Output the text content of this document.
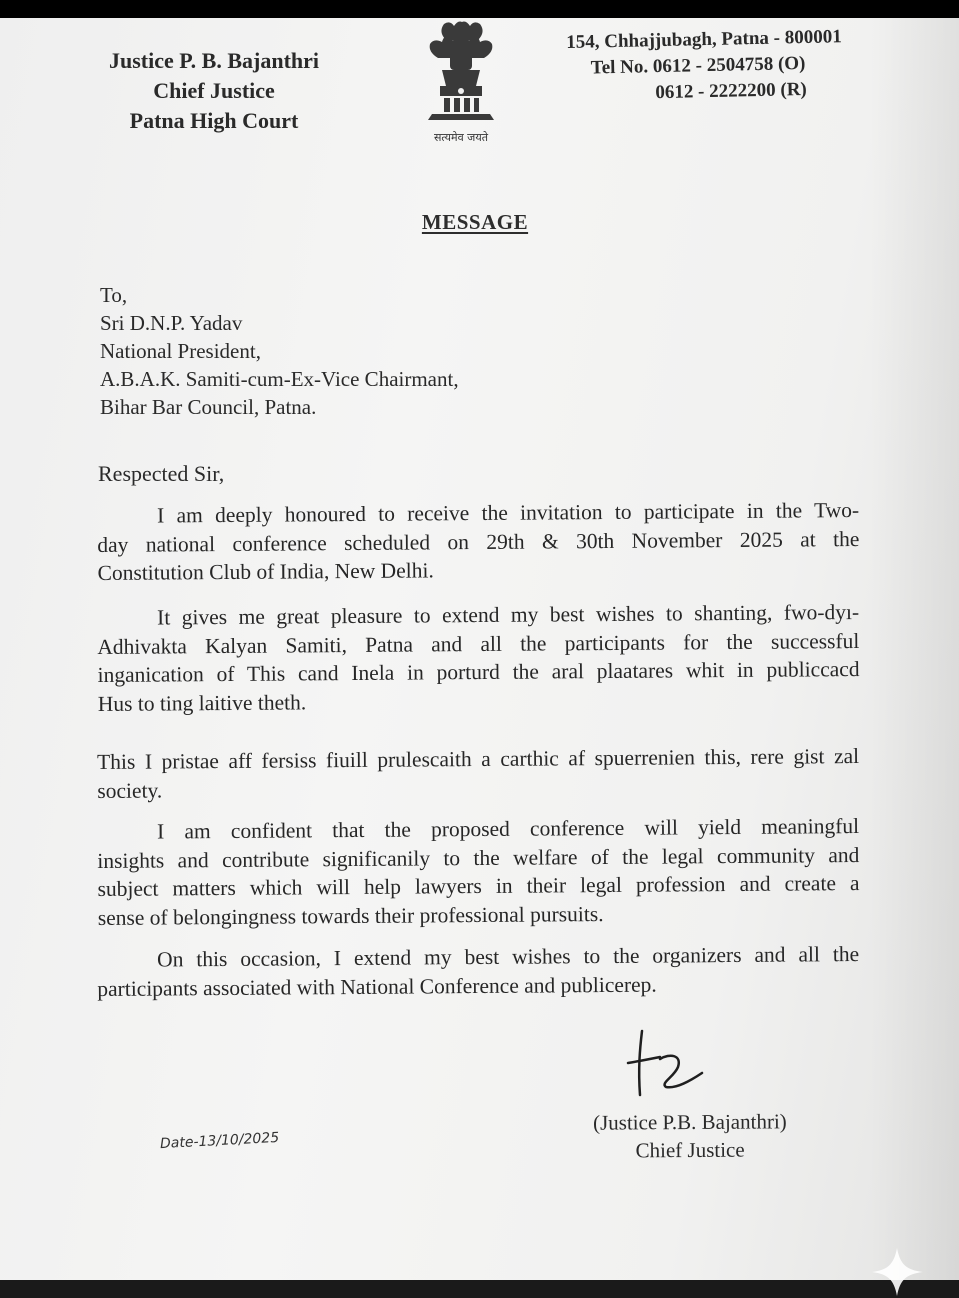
Justice P. B. Bajanthri
Chief Justice
Patna High Court
सत्यमेव जयते
154, Chhajjubagh, Patna - 800001
Tel No. 0612 - 2504758 (O)
0612 - 2222200 (R)
MESSAGE
To,
Sri D.N.P. Yadav
National President,
A.B.A.K. Samiti-cum-Ex-Vice Chairmant,
Bihar Bar Council, Patna.
Respected Sir,
I am deeply honoured to receive the invitation to participate in the Two-
day national conference scheduled on 29th & 30th November 2025 at the
Constitution Club of India, New Delhi.
It gives me great pleasure to extend my best wishes to shanting, fwo-dyı-
Adhivakta Kalyan Samiti, Patna and all the participants for the successful
inganication of This cand Inela in porturd the aral plaatares whit in publiccacd
Hus to ting laitive theth.
This I pristae aff fersiss fiuill prulescaith a carthic af spuerrenien this, rere gist zal
society.
I am confident that the proposed conference will yield meaningful
insights and contribute significanily to the welfare of the legal community and
subject matters which will help lawyers in their legal profession and create a
sense of belongingness towards their professional pursuits.
On this occasion, I extend my best wishes to the organizers and all the
participants associated with National Conference and publicerep.
(Justice P.B. Bajanthri)
Chief Justice
Date-13/10/2025
